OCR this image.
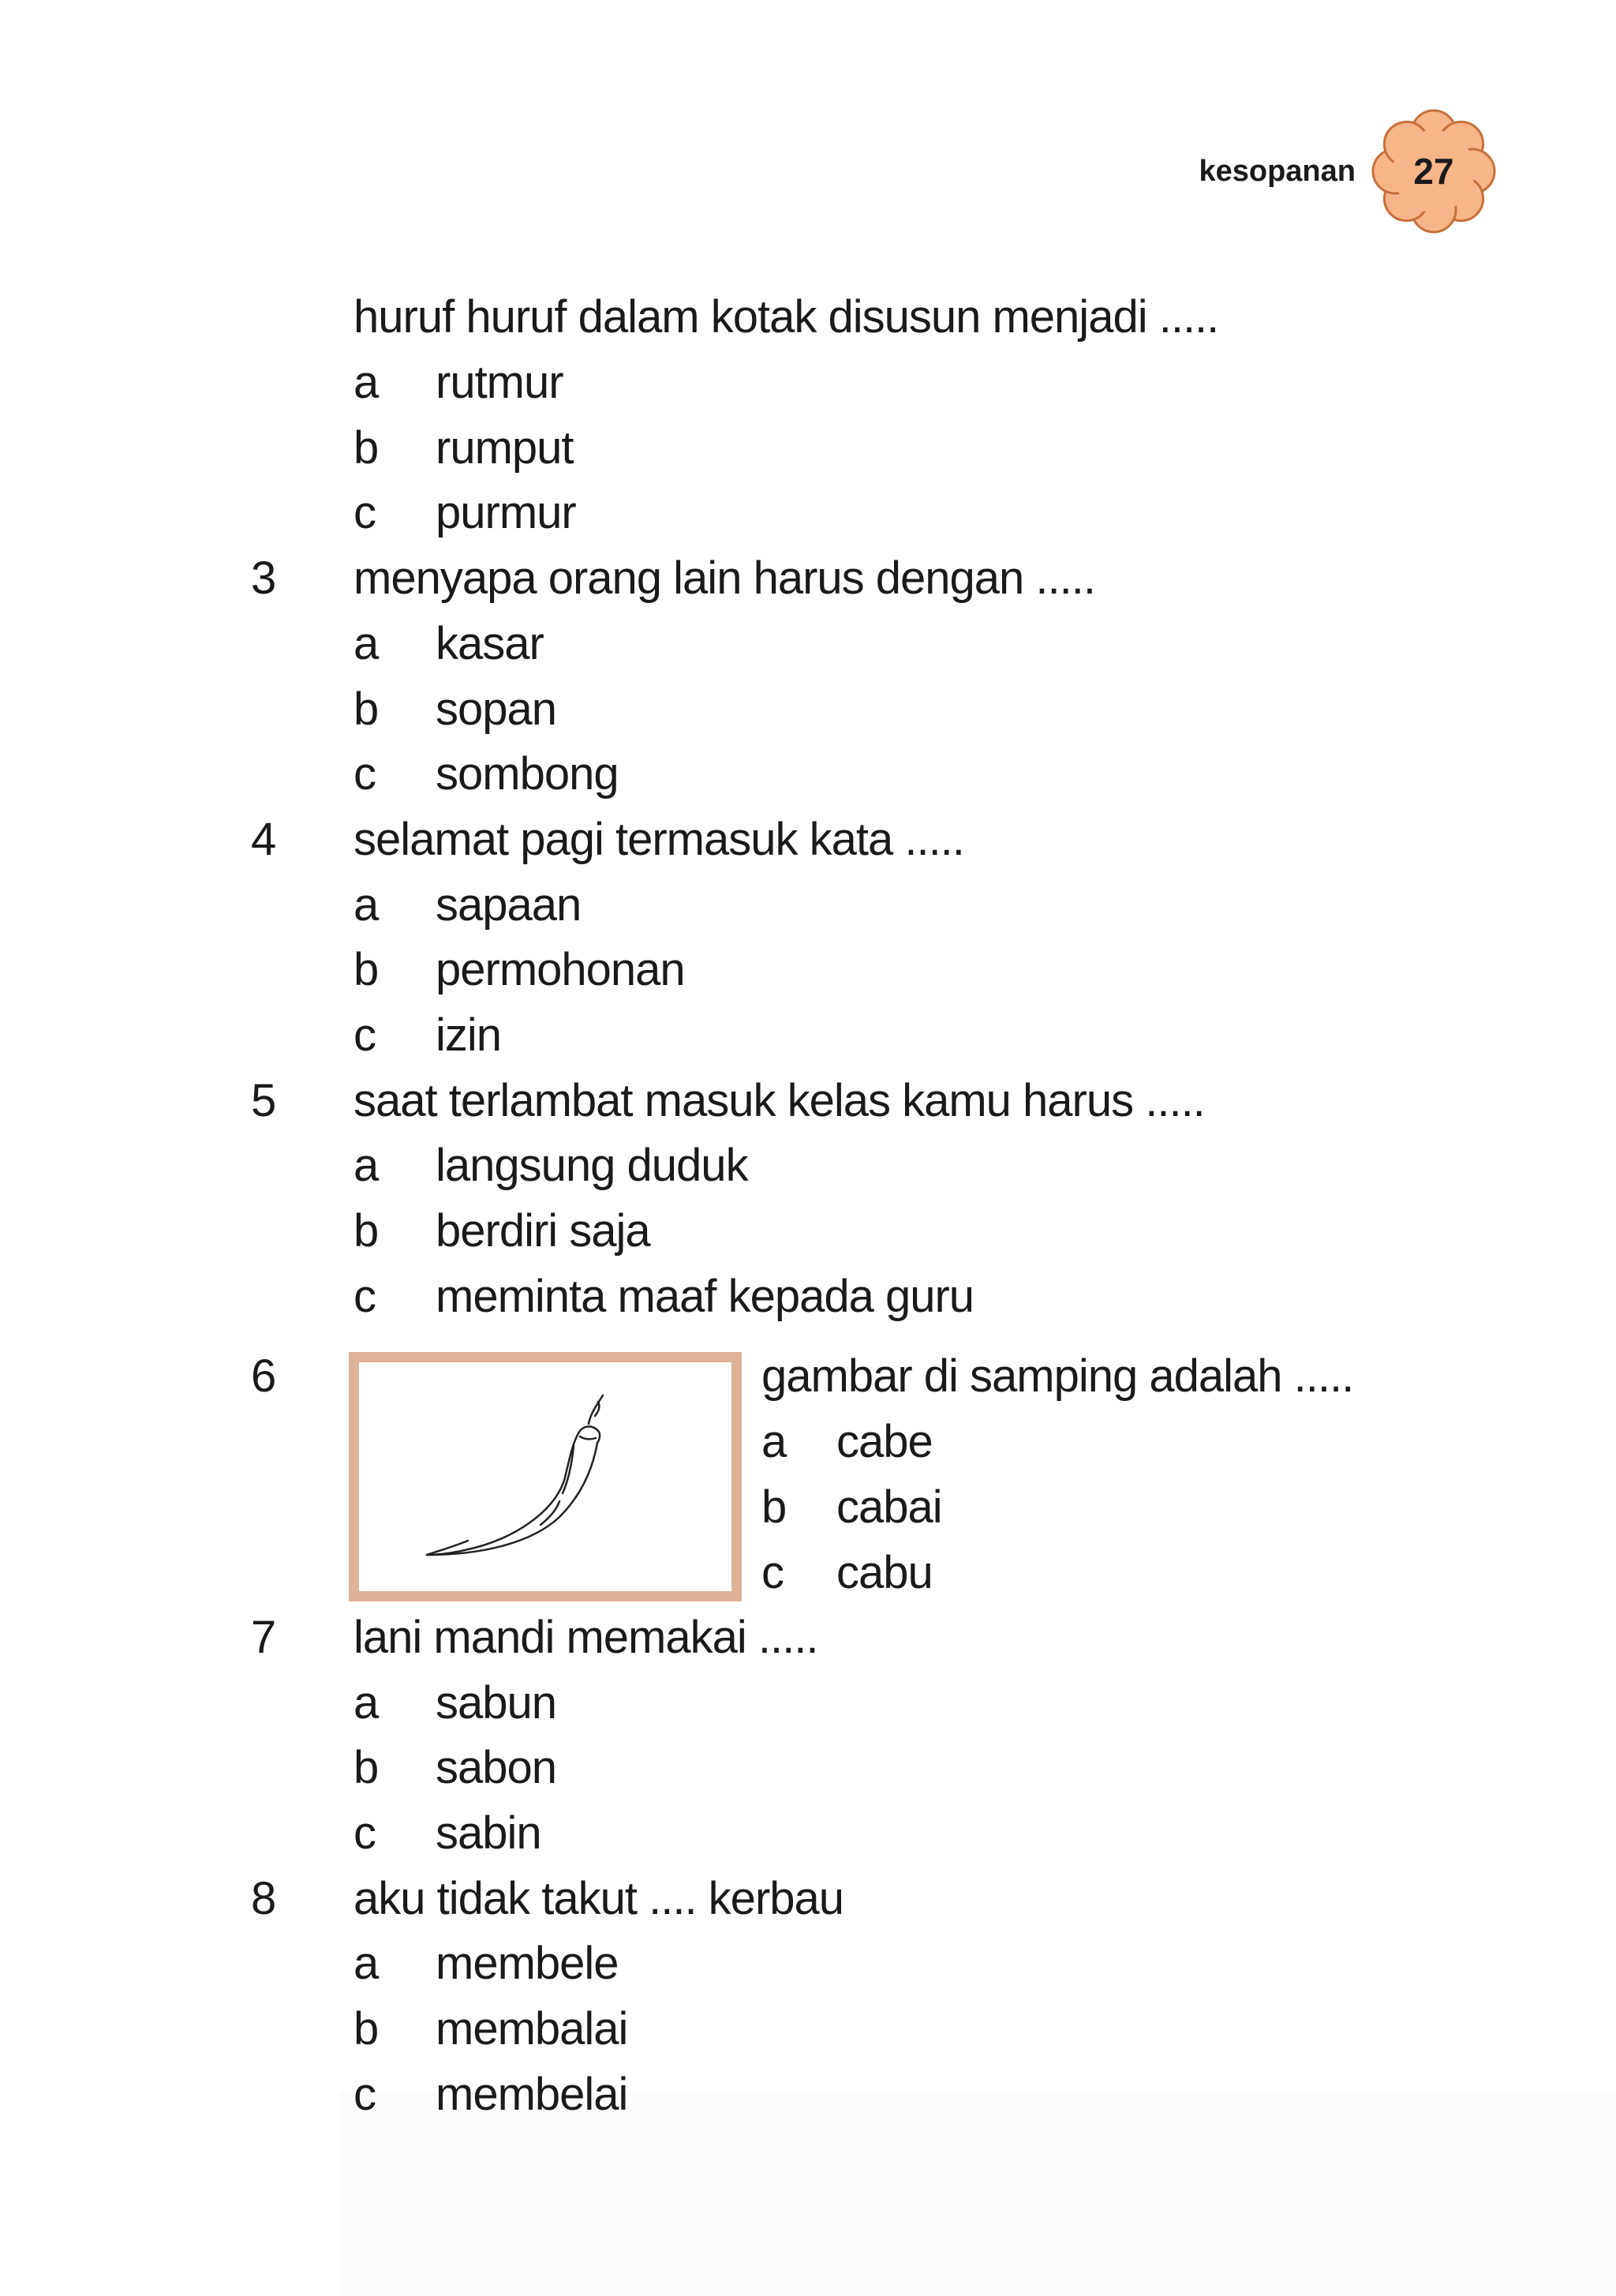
kesopanan	27
huruf huruf dalam kotak disusun menjadi .....
a rutmur
b rumput
c purmur
3 menyapa orang lain harus dengan .....
a kasar
b sopan
c sombong
4 selamat pagi termasuk kata .....
a sapaan
b permohonan
c izin
5 saat terlambat masuk kelas kamu harus .....
a langsung duduk
b berdiri saja
c meminta maaf kepada guru
6	gambar di samping adalah .....
a cabe
b cabai
c cabu
7 lani mandi memakai .....
a sabun
b sabon
c sabin
8 aku tidak takut .... kerbau
a membele
b membalai
c membelai
